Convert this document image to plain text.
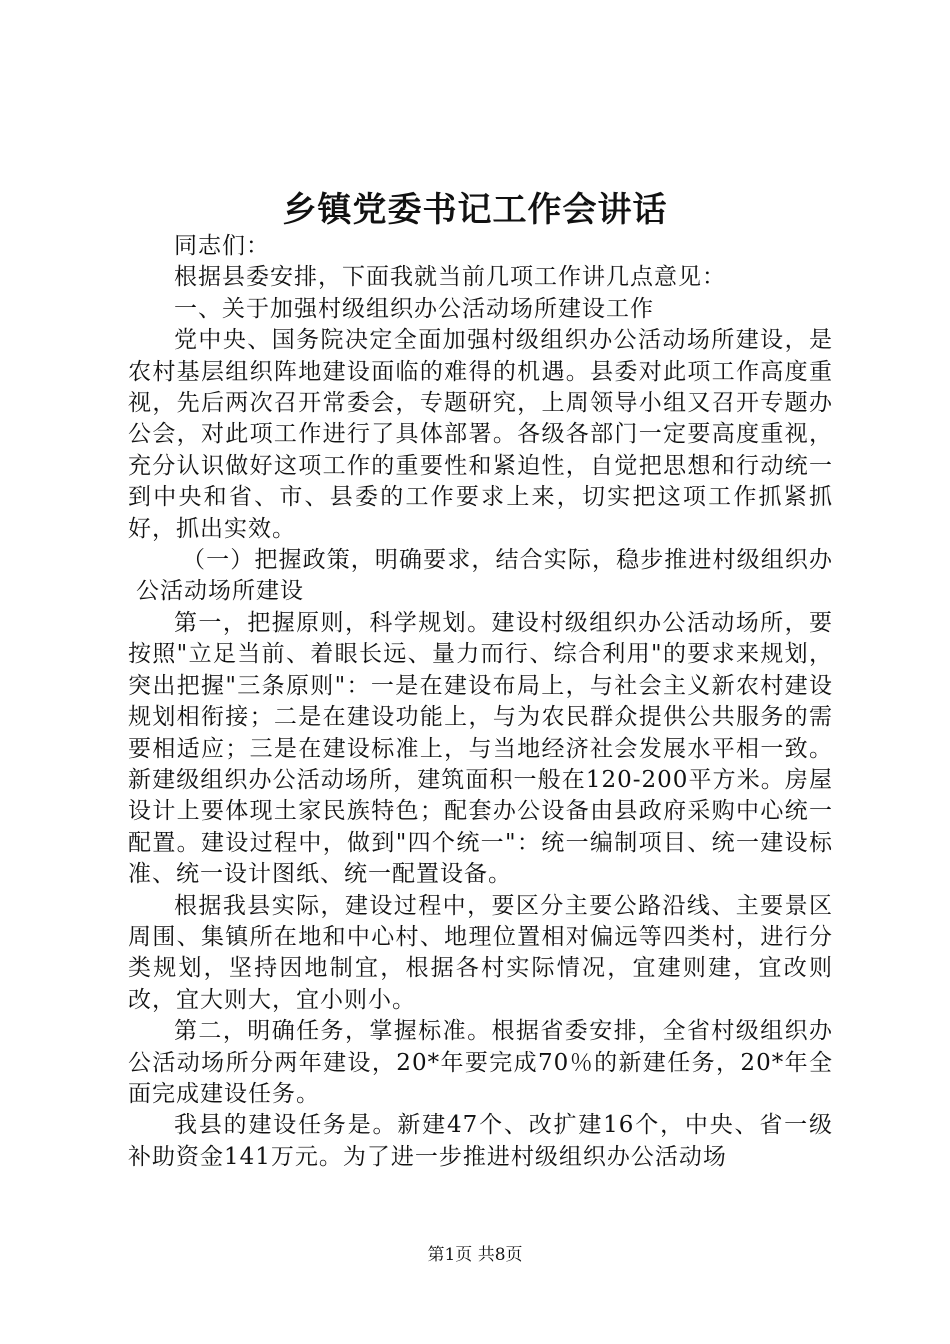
乡镇党委书记工作会讲话

同志们：

根据县委安排，下面我就当前几项工作讲几点意见：

一、关于加强村级组织办公活动场所建设工作

党中央、国务院决定全面加强村级组织办公活动场所建设，是农村基层组织阵地建设面临的难得的机遇。县委对此项工作高度重视，先后两次召开常委会，专题研究，上周领导小组又召开专题办公会，对此项工作进行了具体部署。各级各部门一定要高度重视，充分认识做好这项工作的重要性和紧迫性，自觉把思想和行动统一到中央和省、市、县委的工作要求上来，切实把这项工作抓紧抓好，抓出实效。

（一）把握政策，明确要求，结合实际，稳步推进村级组织办公活动场所建设

第一，把握原则，科学规划。建设村级组织办公活动场所，要按照"立足当前、着眼长远、量力而行、综合利用"的要求来规划，突出把握"三条原则"：一是在建设布局上，与社会主义新农村建设规划相衔接；二是在建设功能上，与为农民群众提供公共服务的需要相适应；三是在建设标准上，与当地经济社会发展水平相一致。新建级组织办公活动场所，建筑面积一般在120-200平方米。房屋设计上要体现土家民族特色；配套办公设备由县政府采购中心统一配置。建设过程中，做到"四个统一"：统一编制项目、统一建设标准、统一设计图纸、统一配置设备。

根据我县实际，建设过程中，要区分主要公路沿线、主要景区周围、集镇所在地和中心村、地理位置相对偏远等四类村，进行分类规划，坚持因地制宜，根据各村实际情况，宜建则建，宜改则改，宜大则大，宜小则小。

第二，明确任务，掌握标准。根据省委安排，全省村级组织办公活动场所分两年建设，20*年要完成70％的新建任务，20*年全面完成建设任务。

我县的建设任务是。新建47个、改扩建16个，中央、省一级补助资金141万元。为了进一步推进村级组织办公活动场

第1页 共8页
